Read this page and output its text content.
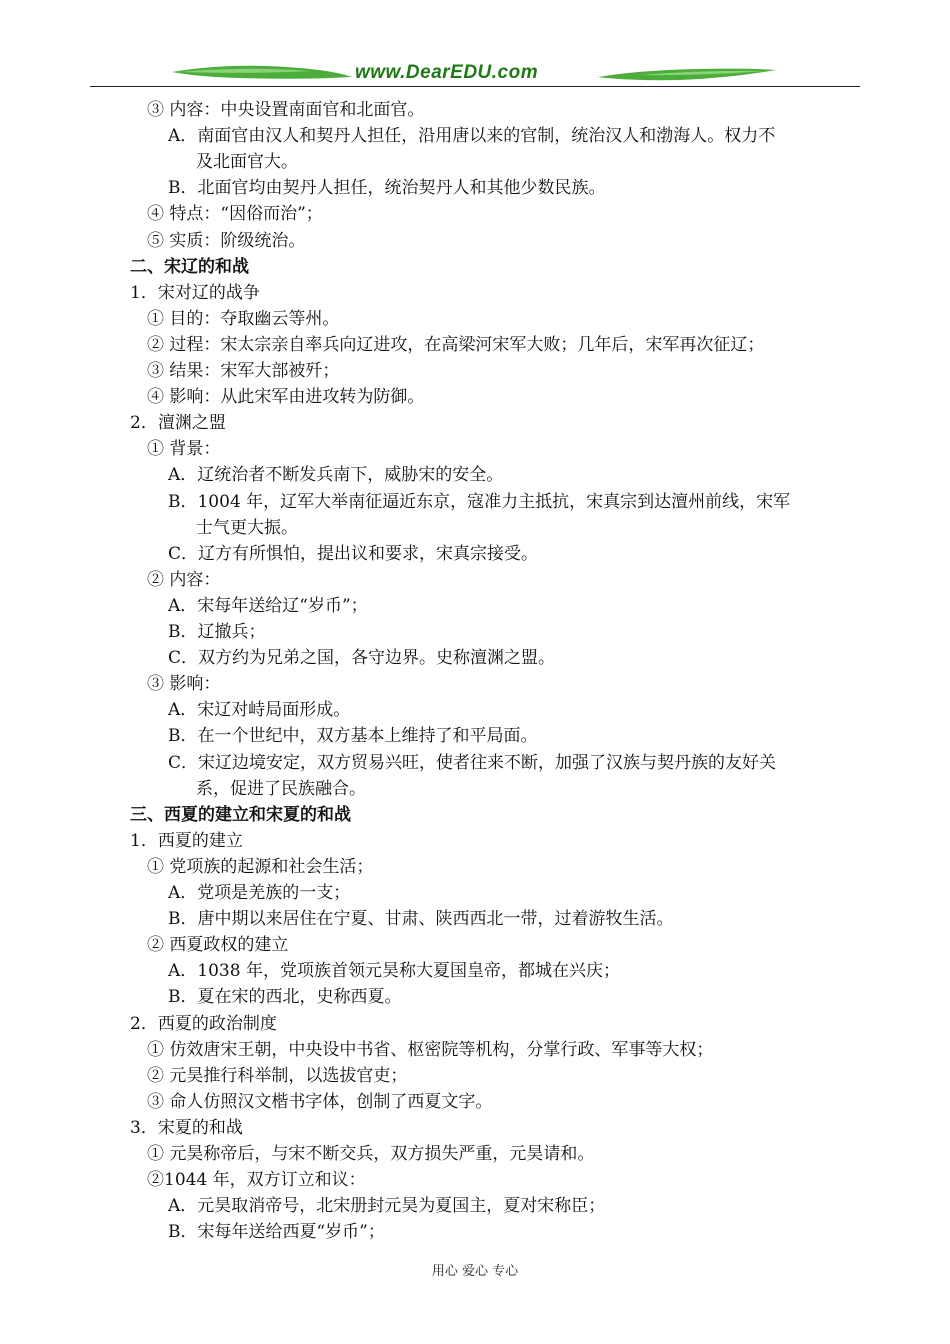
www.DearEDU.com
③ 内容：中央设置南面官和北面官。
A．南面官由汉人和契丹人担任，沿用唐以来的官制，统治汉人和渤海人。权力不
及北面官大。
B．北面官均由契丹人担任，统治契丹人和其他少数民族。
④ 特点：“因俗而治”；
⑤ 实质：阶级统治。
二、宋辽的和战
1．宋对辽的战争
① 目的：夺取幽云等州。
② 过程：宋太宗亲自率兵向辽进攻，在高梁河宋军大败；几年后，宋军再次征辽；
③ 结果：宋军大部被歼；
④ 影响：从此宋军由进攻转为防御。
2．澶渊之盟
① 背景：
A．辽统治者不断发兵南下，威胁宋的安全。
B．1004 年，辽军大举南征逼近东京，寇准力主抵抗，宋真宗到达澶州前线，宋军
士气更大振。
C．辽方有所惧怕，提出议和要求，宋真宗接受。
② 内容：
A．宋每年送给辽“岁币”；
B．辽撤兵；
C．双方约为兄弟之国，各守边界。史称澶渊之盟。
③ 影响：
A．宋辽对峙局面形成。
B．在一个世纪中，双方基本上维持了和平局面。
C．宋辽边境安定，双方贸易兴旺，使者往来不断，加强了汉族与契丹族的友好关
系，促进了民族融合。
三、西夏的建立和宋夏的和战
1．西夏的建立
① 党项族的起源和社会生活；
A．党项是羌族的一支；
B．唐中期以来居住在宁夏、甘肃、陕西西北一带，过着游牧生活。
② 西夏政权的建立
A．1038 年，党项族首领元昊称大夏国皇帝，都城在兴庆；
B．夏在宋的西北，史称西夏。
2．西夏的政治制度
① 仿效唐宋王朝，中央设中书省、枢密院等机构，分掌行政、军事等大权；
② 元昊推行科举制，以选拔官吏；
③ 命人仿照汉文楷书字体，创制了西夏文字。
3．宋夏的和战
① 元昊称帝后，与宋不断交兵，双方损失严重，元昊请和。
②1044 年，双方订立和议：
A．元昊取消帝号，北宋册封元昊为夏国主，夏对宋称臣；
B．宋每年送给西夏“岁币”；
用心 爱心 专心
